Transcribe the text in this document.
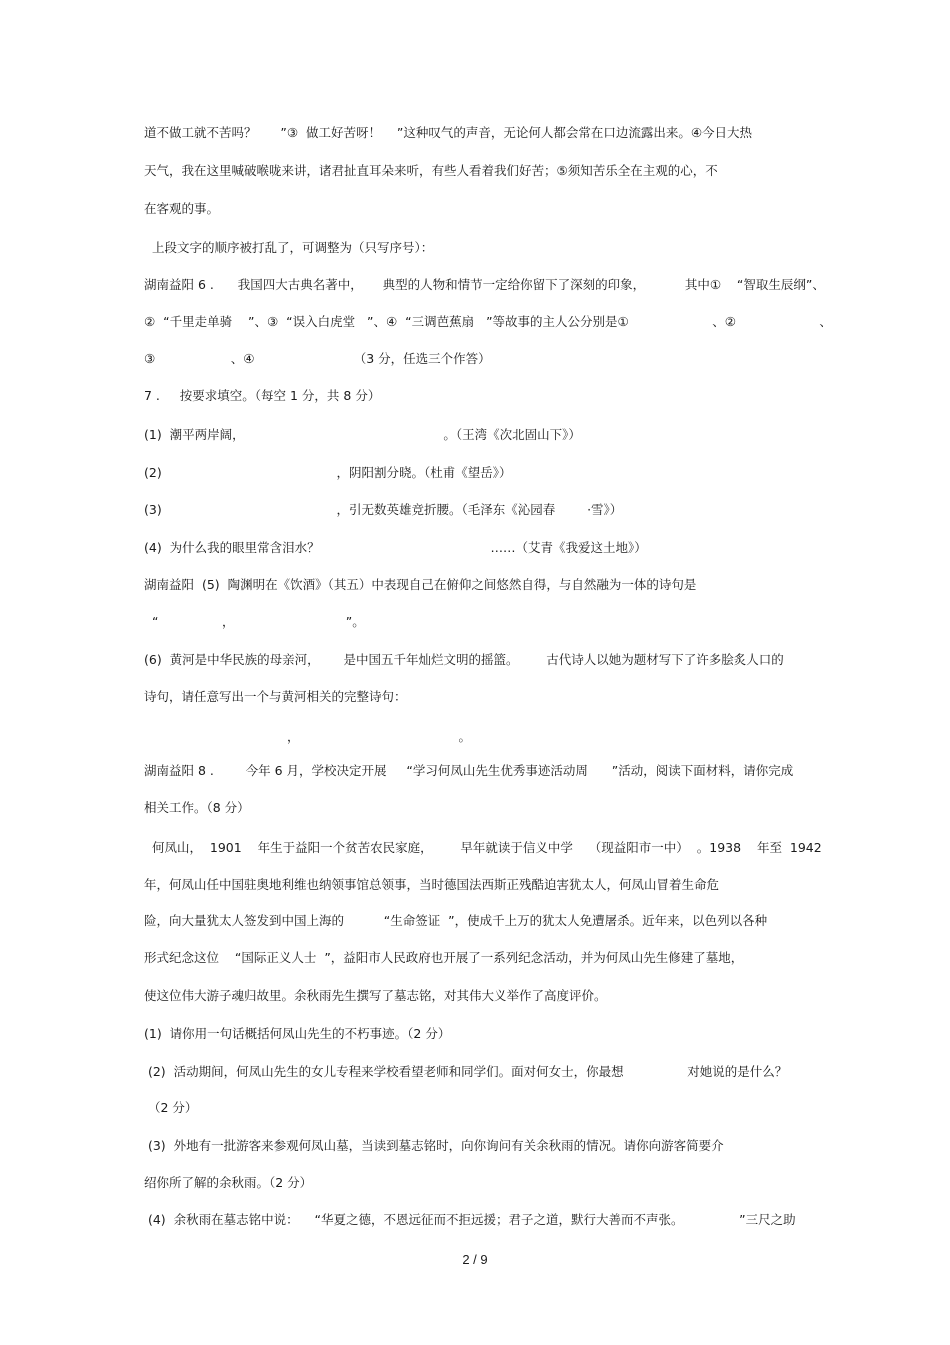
道不做工就不苦吗？      ”③  做工好苦呀！    ”这种叹气的声音，无论何人都会常在口边流露出来。④今日大热
天气，我在这里喊破喉咙来讲，诸君扯直耳朵来听，有些人看着我们好苦；⑤须知苦乐全在主观的心，不
在客观的事。
上段文字的顺序被打乱了，可调整为（只写序号）：
湖南益阳 6 .      我国四大古典名著中，     典型的人物和情节一定给你留下了深刻的印象，          其中①    “智取生辰纲”、
②  “千里走单骑    ”、③  “误入白虎堂   ”、④  “三调芭蕉扇   ”等故事的主人公分别是①                     、②                     、
③                   、④                         （3 分，任选三个作答）
7 .     按要求填空。（每空 1 分，共 8 分）
(1)  潮平两岸阔，                                                  。（王湾《次北固山下》）
(2)                                            ，阴阳割分晓。（杜甫《望岳》）
(3)                                            ，引无数英雄竞折腰。（毛泽东《沁园春        ·雪》）
(4)  为什么我的眼里常含泪水？                                           ……（艾青《我爱这土地》）
湖南益阳  (5)  陶渊明在《饮酒》（其五）中表现自己在俯仰之间悠然自得，与自然融为一体的诗句是
“                ，                            ”。
(6)  黄河是中华民族的母亲河，      是中国五千年灿烂文明的摇篮。       古代诗人以她为题材写下了许多脍炙人口的
诗句，请任意写出一个与黄河相关的完整诗句：
，                                        。
湖南益阳 8 .        今年 6 月，学校决定开展     “学习何凤山先生优秀事迹活动周      ”活动，阅读下面材料，请你完成
相关工作。（8 分）
何凤山，  1901    年生于益阳一个贫苦农民家庭，       早年就读于信义中学    （现益阳市一中）  。1938    年至  1942
年，何凤山任中国驻奥地利维也纳领事馆总领事，当时德国法西斯正残酷迫害犹太人，何凤山冒着生命危
险，向大量犹太人签发到中国上海的          “生命签证  ”，使成千上万的犹太人免遭屠杀。近年来，以色列以各种
形式纪念这位    “国际正义人士  ”，益阳市人民政府也开展了一系列纪念活动，并为何凤山先生修建了墓地，
使这位伟大游子魂归故里。余秋雨先生撰写了墓志铭，对其伟大义举作了高度评价。
(1)  请你用一句话概括何凤山先生的不朽事迹。（2 分）
(2)  活动期间，何凤山先生的女儿专程来学校看望老师和同学们。面对何女士，你最想                对她说的是什么？
（2 分）
(3)  外地有一批游客来参观何凤山墓，当读到墓志铭时，向你询问有关余秋雨的情况。请你向游客简要介
绍你所了解的余秋雨。（2 分）
(4)  余秋雨在墓志铭中说：    “华夏之德，不恩远征而不拒远援；君子之道，默行大善而不声张。              ”三尺之助
2 / 9
